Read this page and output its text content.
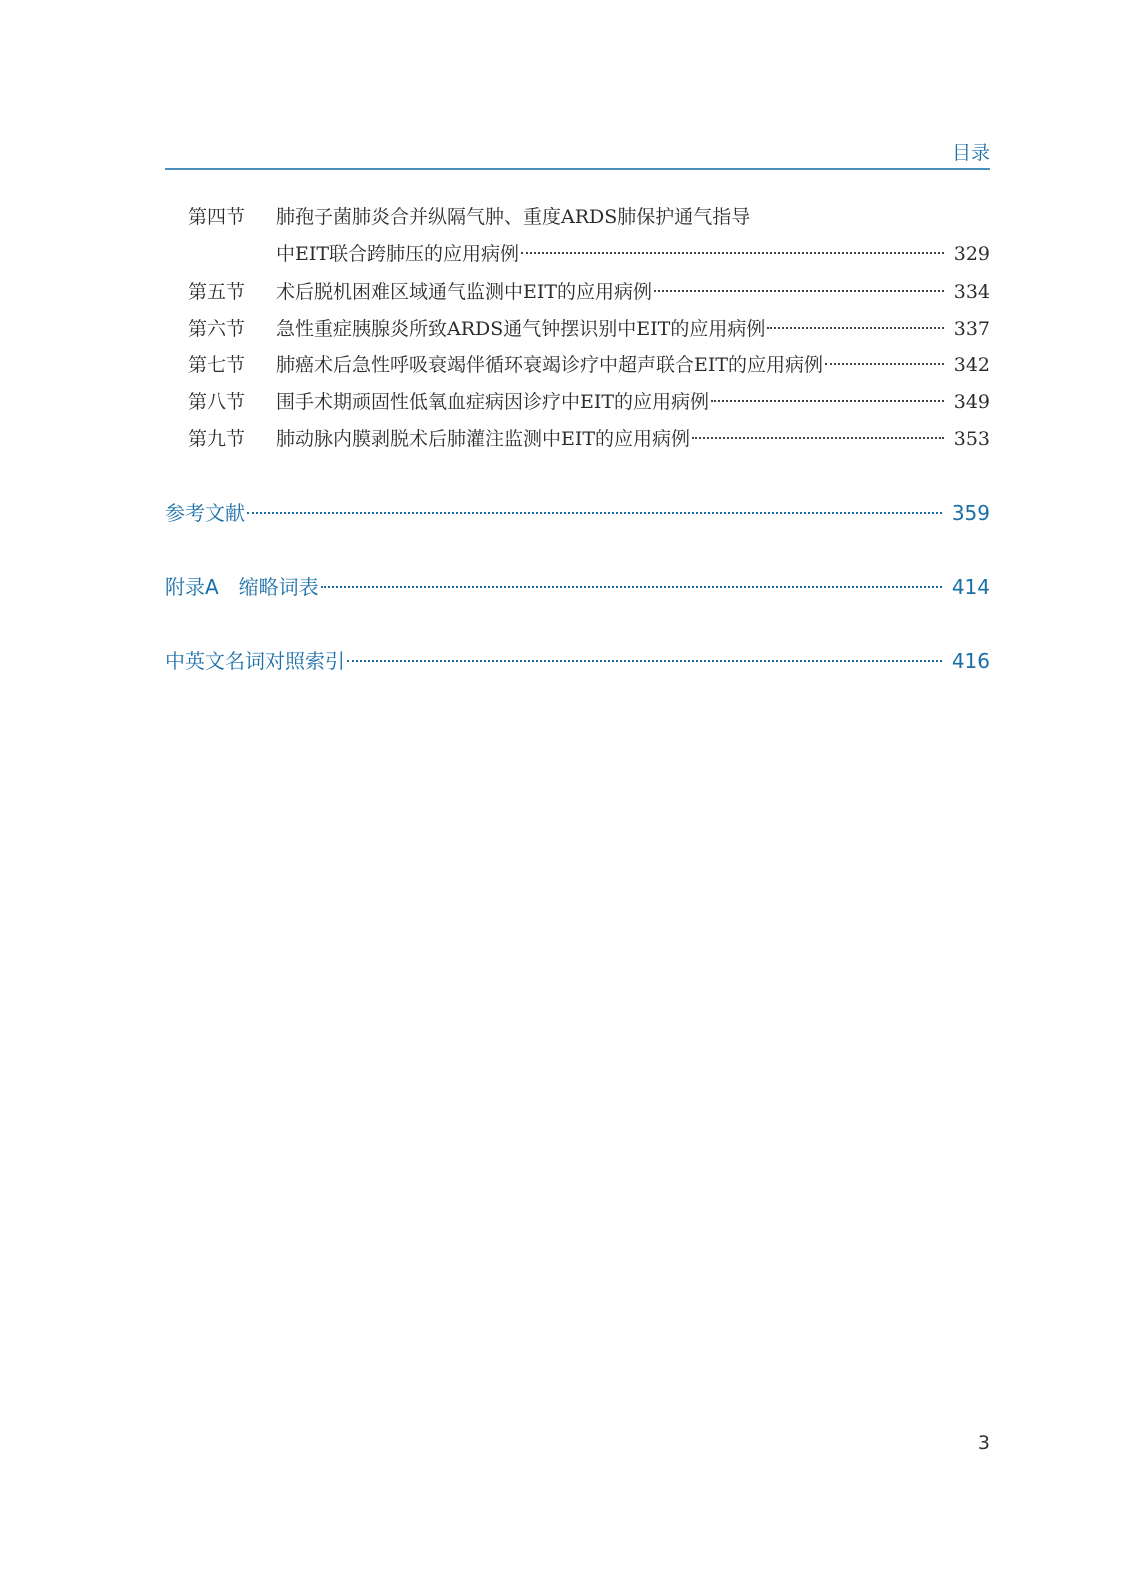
目录
第四节	肺孢子菌肺炎合并纵隔气肿、重度ARDS肺保护通气指导
中EIT联合跨肺压的应用病例	329
第五节	术后脱机困难区域通气监测中EIT的应用病例	334
第六节	急性重症胰腺炎所致ARDS通气钟摆识别中EIT的应用病例	337
第七节	肺癌术后急性呼吸衰竭伴循环衰竭诊疗中超声联合EIT的应用病例	342
第八节	围手术期顽固性低氧血症病因诊疗中EIT的应用病例	349
第九节	肺动脉内膜剥脱术后肺灌注监测中EIT的应用病例	353
参考文献	359
附录A　缩略词表	414
中英文名词对照索引	416
3
